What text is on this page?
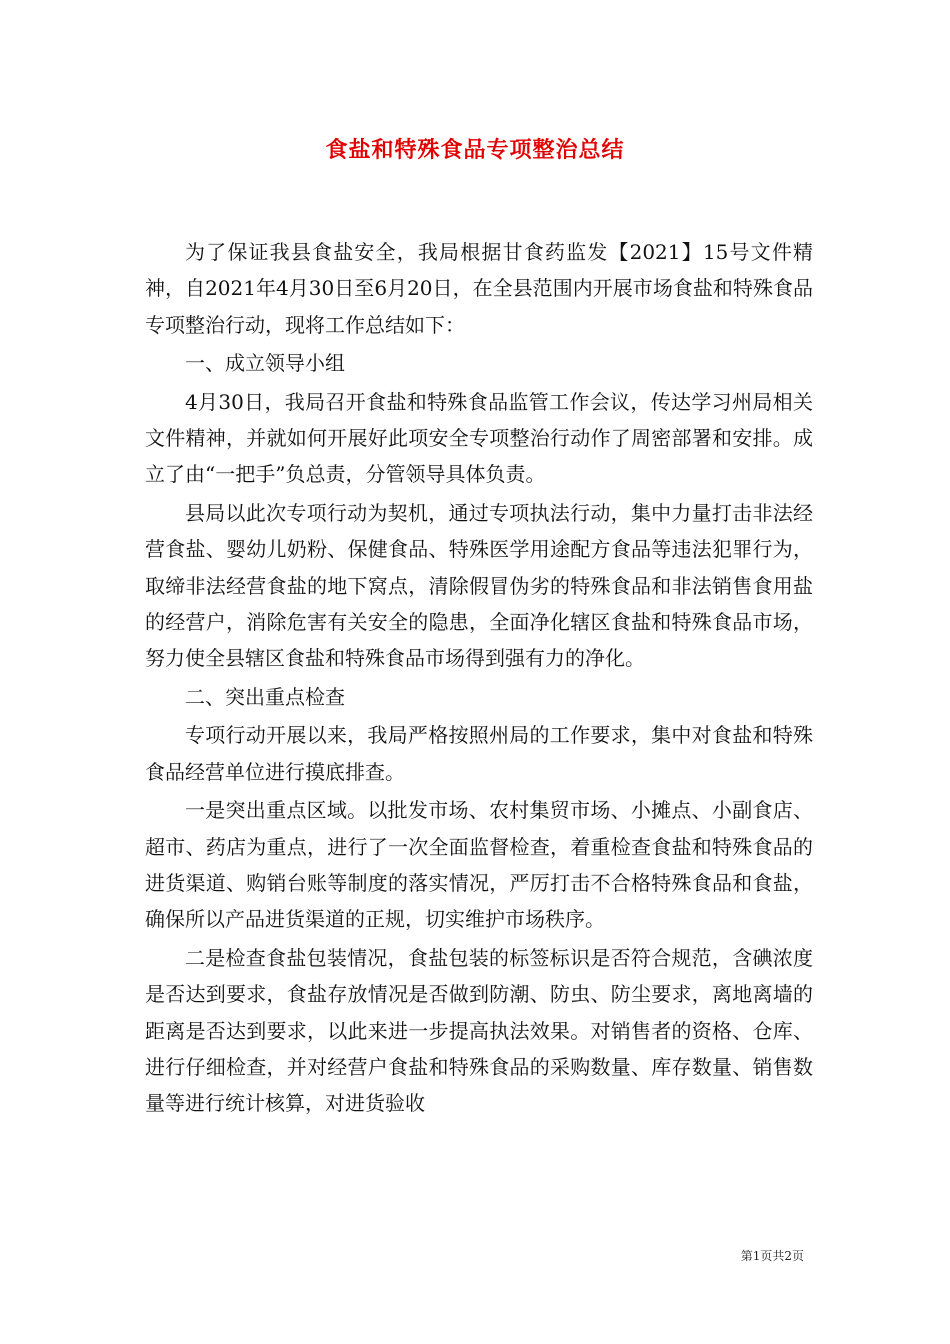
食盐和特殊食品专项整治总结

为了保证我县食盐安全，我局根据甘食药监发【2021】15号文件精神，自2021年4月30日至6月20日，在全县范围内开展市场食盐和特殊食品专项整治行动，现将工作总结如下：

一、成立领导小组

4月30日，我局召开食盐和特殊食品监管工作会议，传达学习州局相关文件精神，并就如何开展好此项安全专项整治行动作了周密部署和安排。成立了由“一把手”负总责，分管领导具体负责。

县局以此次专项行动为契机，通过专项执法行动，集中力量打击非法经营食盐、婴幼儿奶粉、保健食品、特殊医学用途配方食品等违法犯罪行为，取缔非法经营食盐的地下窝点，清除假冒伪劣的特殊食品和非法销售食用盐的经营户，消除危害有关安全的隐患，全面净化辖区食盐和特殊食品市场，努力使全县辖区食盐和特殊食品市场得到强有力的净化。

二、突出重点检查

专项行动开展以来，我局严格按照州局的工作要求，集中对食盐和特殊食品经营单位进行摸底排查。

一是突出重点区域。以批发市场、农村集贸市场、小摊点、小副食店、超市、药店为重点，进行了一次全面监督检查，着重检查食盐和特殊食品的进货渠道、购销台账等制度的落实情况，严厉打击不合格特殊食品和食盐，确保所以产品进货渠道的正规，切实维护市场秩序。

二是检查食盐包装情况，食盐包装的标签标识是否符合规范，含碘浓度是否达到要求，食盐存放情况是否做到防潮、防虫、防尘要求，离地离墙的距离是否达到要求，以此来进一步提高执法效果。对销售者的资格、仓库、进行仔细检查，并对经营户食盐和特殊食品的采购数量、库存数量、销售数量等进行统计核算，对进货验收

第1页共2页
